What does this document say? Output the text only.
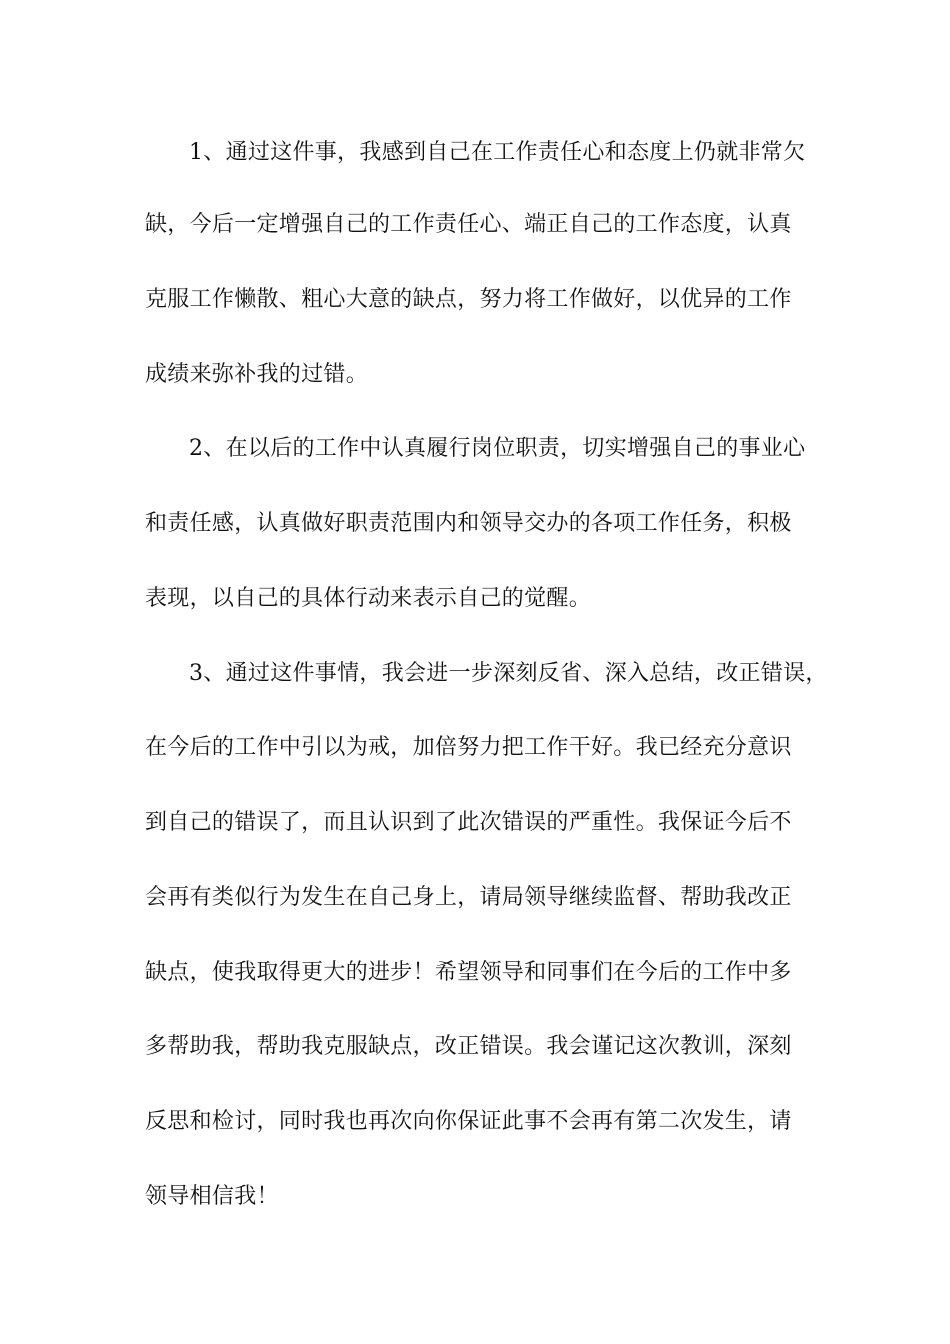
1、通过这件事，我感到自己在工作责任心和态度上仍就非常欠
缺，今后一定增强自己的工作责任心、端正自己的工作态度，认真
克服工作懒散、粗心大意的缺点，努力将工作做好，以优异的工作
成绩来弥补我的过错。
2、在以后的工作中认真履行岗位职责，切实增强自己的事业心
和责任感，认真做好职责范围内和领导交办的各项工作任务，积极
表现，以自己的具体行动来表示自己的觉醒。
3、通过这件事情，我会进一步深刻反省、深入总结，改正错误，
在今后的工作中引以为戒，加倍努力把工作干好。我已经充分意识
到自己的错误了，而且认识到了此次错误的严重性。我保证今后不
会再有类似行为发生在自己身上，请局领导继续监督、帮助我改正
缺点，使我取得更大的进步！希望领导和同事们在今后的工作中多
多帮助我，帮助我克服缺点，改正错误。我会谨记这次教训，深刻
反思和检讨，同时我也再次向你保证此事不会再有第二次发生，请
领导相信我！
